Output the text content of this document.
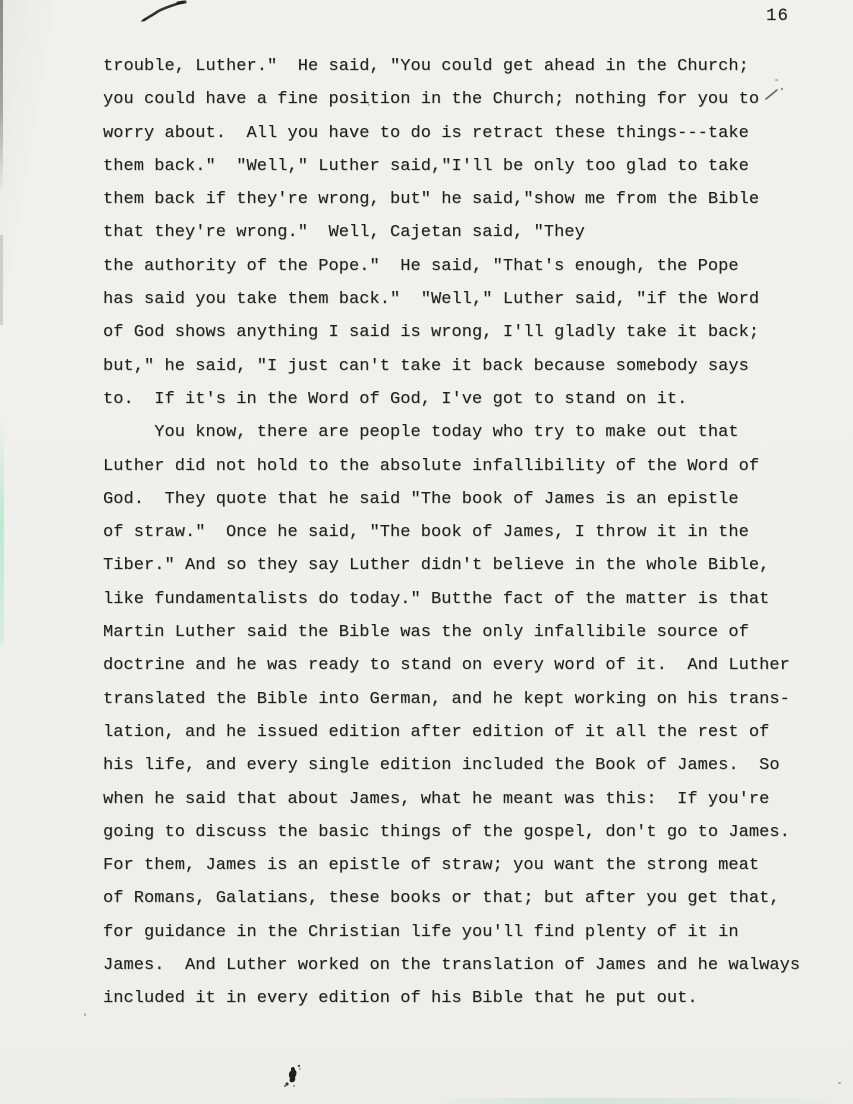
16
trouble, Luther."  He said, "You could get ahead in the Church;
you could have a fine position in the Church; nothing for you to
worry about.  All you have to do is retract these things---take
them back."  "Well," Luther said,"I'll be only too glad to take
them back if they're wrong, but" he said,"show me from the Bible
that they're wrong."  Well, Cajetan said, "They
the authority of the Pope."  He said, "That's enough, the Pope
has said you take them back."  "Well," Luther said, "if the Word
of God shows anything I said is wrong, I'll gladly take it back;
but," he said, "I just can't take it back because somebody says
to.  If it's in the Word of God, I've got to stand on it.
You know, there are people today who try to make out that
Luther did not hold to the absolute infallibility of the Word of
God.  They quote that he said "The book of James is an epistle
of straw."  Once he said, "The book of James, I throw it in the
Tiber." And so they say Luther didn't believe in the whole Bible,
like fundamentalists do today." Butthe fact of the matter is that
Martin Luther said the Bible was the only infallibile source of
doctrine and he was ready to stand on every word of it.  And Luther
translated the Bible into German, and he kept working on his trans-
lation, and he issued edition after edition of it all the rest of
his life, and every single edition included the Book of James.  So
when he said that about James, what he meant was this:  If you're
going to discuss the basic things of the gospel, don't go to James.
For them, James is an epistle of straw; you want the strong meat
of Romans, Galatians, these books or that; but after you get that,
for guidance in the Christian life you'll find plenty of it in
James.  And Luther worked on the translation of James and he walways
included it in every edition of his Bible that he put out.
